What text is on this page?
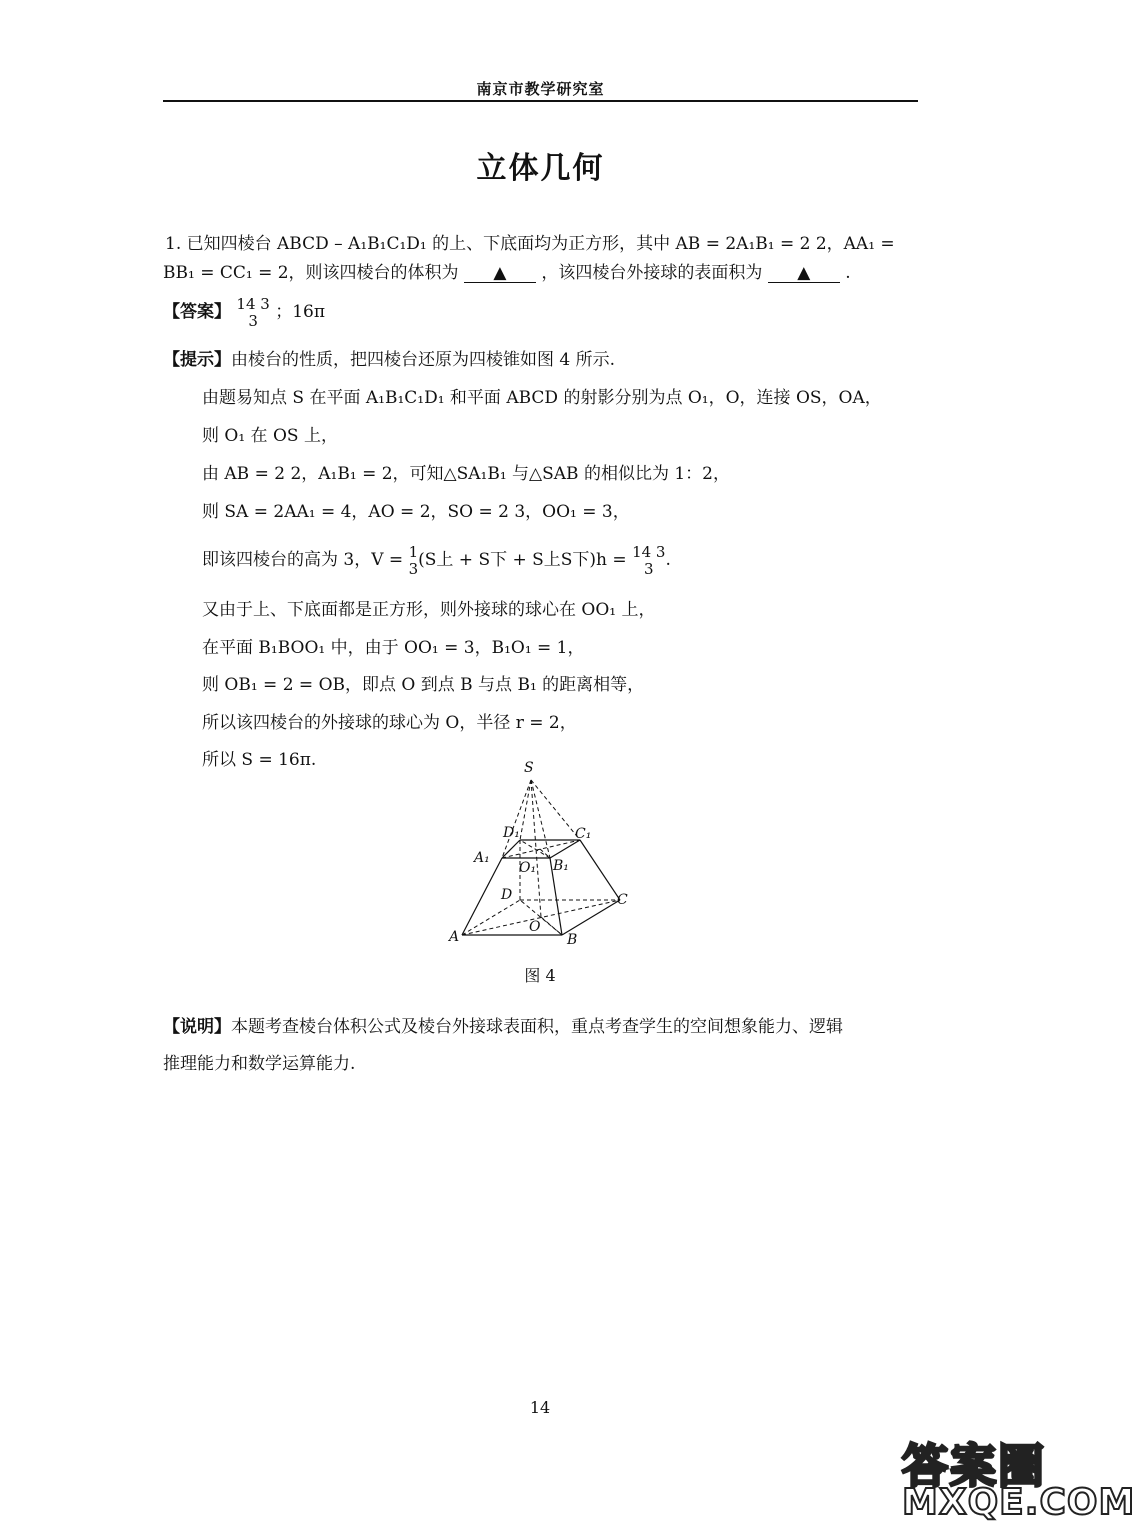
南京市教学研究室
立体几何
1. 已知四棱台 ABCD – A₁B₁C₁D₁ 的上、下底面均为正方形，其中 AB = 2A₁B₁ = 2 2，AA₁ =
BB₁ = CC₁ = 2，则该四棱台的体积为 ▲ ，该四棱台外接球的表面积为 ▲ .
【答案】 14 3
3	；16π
【提示】由棱台的性质，把四棱台还原为四棱锥如图 4 所示.
由题易知点 S 在平面 A₁B₁C₁D₁ 和平面 ABCD 的射影分别为点 O₁，O，连接 OS，OA，
则 O₁ 在 OS 上，
由 AB = 2 2，A₁B₁ = 2，可知△SA₁B₁ 与△SAB 的相似比为 1：2，
则 SA = 2AA₁ = 4，AO = 2，SO = 2 3，OO₁ = 3，
即该四棱台的高为 3，V = 1
3 (S上 + S下 + S上S下)h = 14 3
3 .
又由于上、下底面都是正方形，则外接球的球心在 OO₁ 上，
在平面 B₁BOO₁ 中，由于 OO₁ = 3，B₁O₁ = 1，
则 OB₁ = 2 = OB，即点 O 到点 B 与点 B₁ 的距离相等，
所以该四棱台的外接球的球心为 O，半径 r = 2，
所以 S = 16π.	S
D₁	C₁
A₁
O₁ B₁
D	C
O
A	B
图 4
【说明】本题考查棱台体积公式及棱台外接球表面积，重点考查学生的空间想象能力、逻辑
推理能力和数学运算能力.
14
答案圈
MXQE.COM
